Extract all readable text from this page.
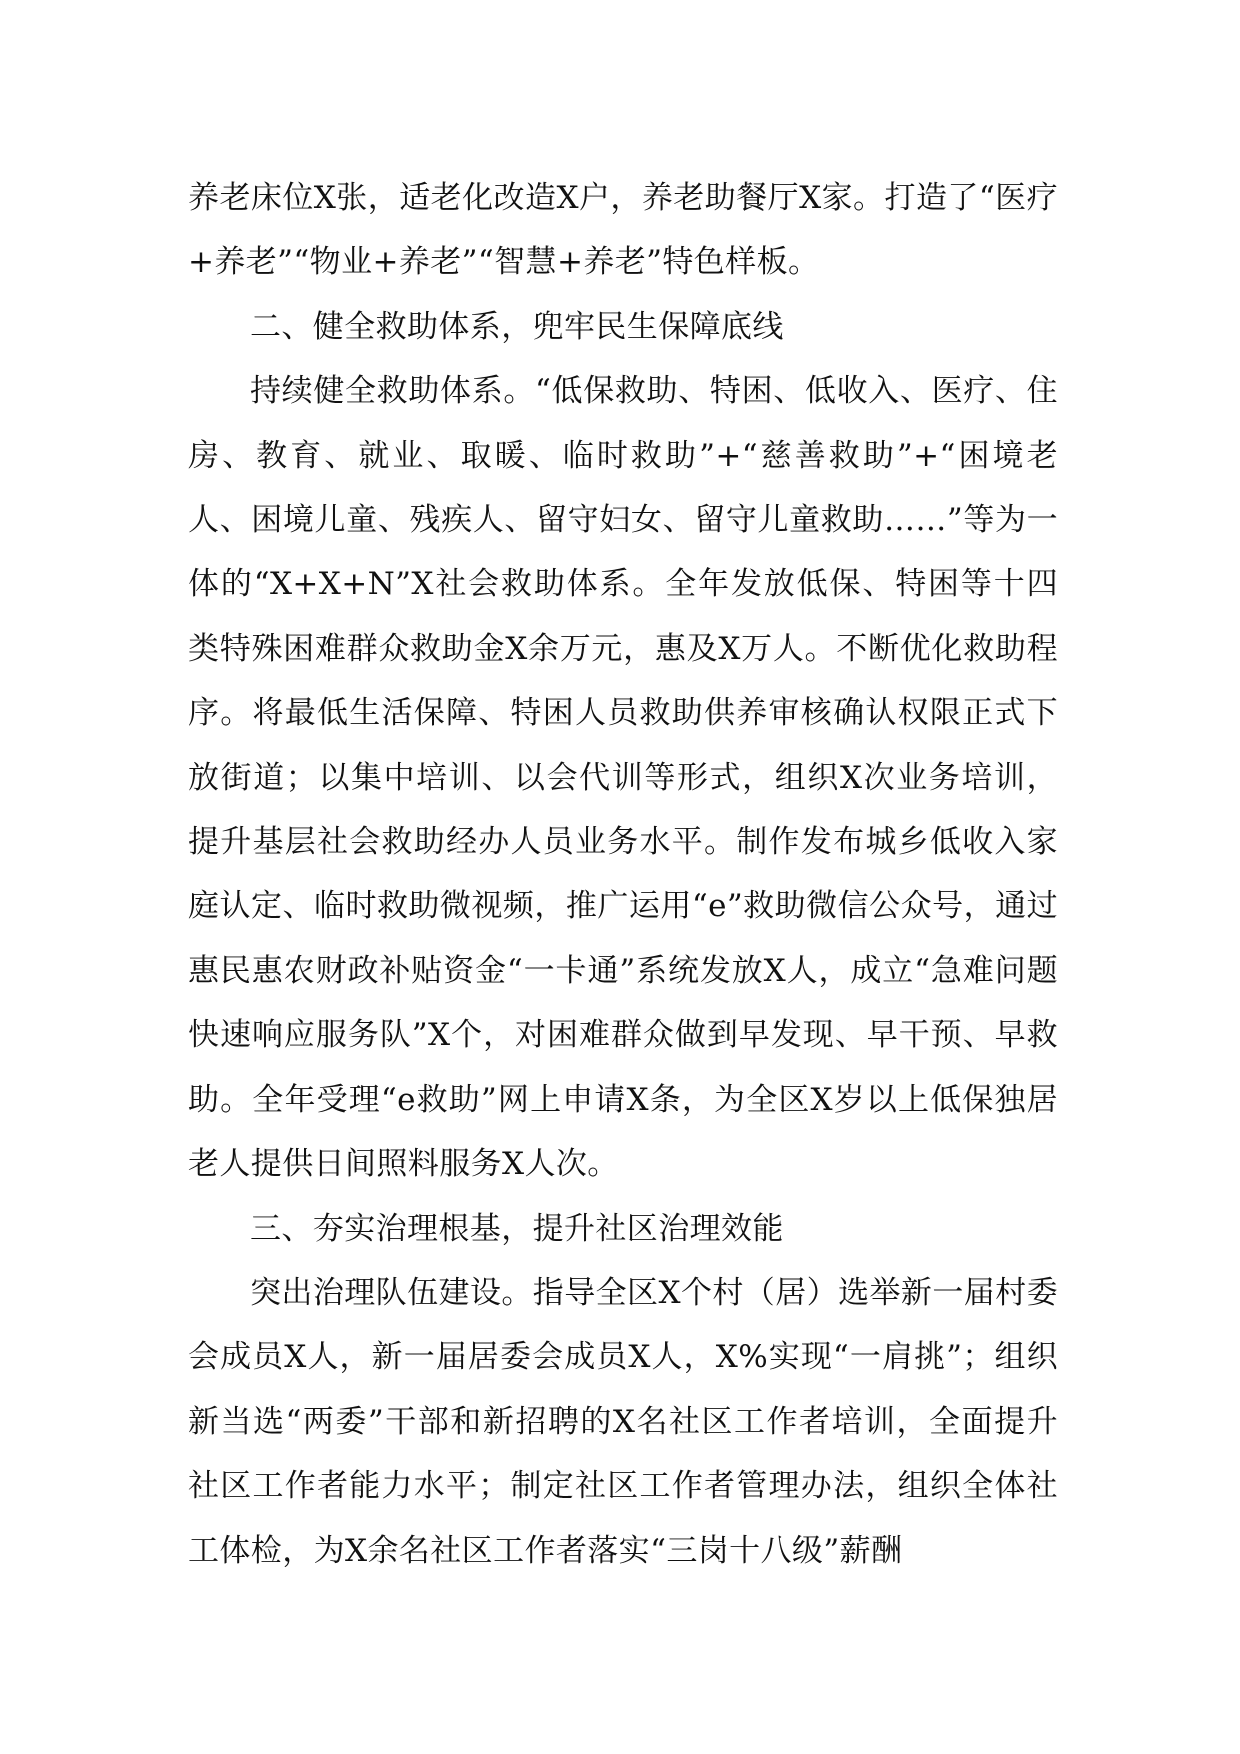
养老床位X张，适老化改造X户，养老助餐厅X家。打造了“医疗+养老”“物业+养老”“智慧+养老”特色样板。

二、健全救助体系，兜牢民生保障底线

持续健全救助体系。“低保救助、特困、低收入、医疗、住房、教育、就业、取暖、临时救助”+“慈善救助”+“困境老人、困境儿童、残疾人、留守妇女、留守儿童救助……”等为一体的“X+X+N”X社会救助体系。全年发放低保、特困等十四类特殊困难群众救助金X余万元，惠及X万人。不断优化救助程序。将最低生活保障、特困人员救助供养审核确认权限正式下放街道；以集中培训、以会代训等形式，组织X次业务培训，提升基层社会救助经办人员业务水平。制作发布城乡低收入家庭认定、临时救助微视频，推广运用“e”救助微信公众号，通过惠民惠农财政补贴资金“一卡通”系统发放X人，成立“急难问题快速响应服务队”X个，对困难群众做到早发现、早干预、早救助。全年受理“e救助”网上申请X条，为全区X岁以上低保独居老人提供日间照料服务X人次。

三、夯实治理根基，提升社区治理效能

突出治理队伍建设。指导全区X个村（居）选举新一届村委会成员X人，新一届居委会成员X人，X%实现“一肩挑”；组织新当选“两委”干部和新招聘的X名社区工作者培训，全面提升社区工作者能力水平；制定社区工作者管理办法，组织全体社工体检，为X余名社区工作者落实“三岗十八级”薪酬
